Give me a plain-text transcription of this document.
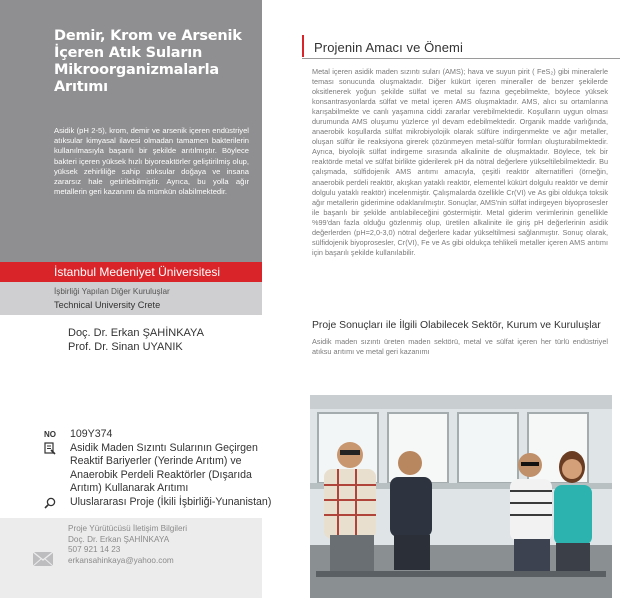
Demir, Krom ve Arsenik
İçeren Atık Suların
Mikroorganizmalarla
Arıtımı
Asidik (pH 2-5), krom, demir ve arsenik içeren endüstriyel atıksular kimyasal ilavesi olmadan tamamen bakterilerin kullanılmasıyla başarılı bir şekilde arıtılmıştır. Böylece bakteri içeren yüksek hızlı biyoreaktörler geliştirilmiş olup, yüksek zehirliliğe sahip atıksular doğaya ve insana zararsız hale getirilebilmiştir. Ayrıca, bu yolla ağır metallerin geri kazanımı da mümkün olabilmektedir.
İstanbul Medeniyet Üniversitesi
İşbirliği Yapılan Diğer Kuruluşlar
Technical University Crete
Doç. Dr. Erkan ŞAHİNKAYA
Prof. Dr. Sinan UYANIK
NO	109Y374
Asidik Maden Sızıntı Sularının Geçirgen Reaktif Bariyerler (Yerinde Arıtım) ve Anaerobik Perdeli Reaktörler (Dışarıda Arıtım) Kullanarak Arıtımı
Uluslararası Proje (İkili İşbirliği-Yunanistan)
Proje Yürütücüsü İletişim Bilgileri
Doç. Dr. Erkan ŞAHİNKAYA
507 921 14 23
erkansahinkaya@yahoo.com
Projenin Amacı ve Önemi
Metal içeren asidik maden sızıntı suları (AMS); hava ve suyun pirit ( FeS₂) gibi mineralerle teması sonucunda oluşmaktadır. Diğer kükürt içeren mineraller de benzer şekilerde oksitlenerek yoğun şekilde sülfat ve metal su fazına geçebilmekte, böylece yüksek konsantrasyonlarda sülfat ve metal içeren AMS oluşmaktadır. AMS, alıcı su ortamlarına karışabilmekte ve canlı yaşamına ciddi zararlar verebilmektedir. Koşulların uygun olması durumunda AMS oluşumu yüzlerce yıl devam edebilmektedir. Organik madde varlığında, anaerobik koşullarda sülfat mikrobiyolojik olarak sülfüre indirgenmekte ve ağır metaller, oluşan sülfür ile reaksiyona girerek çözünmeyen metal-sülfür formları oluşturabilmektedir. Ayrıca, biyolojik sülfat indirgeme sırasında alkalinite de oluşmaktadır. Böylece, tek bir reaktörde metal ve sülfat birlikte giderilerek pH da nötral değerlere yükseltilebilmektedir. Bu çalışmada, sülfidojenik AMS arıtımı amacıyla, çeşitli reaktör alternatifleri (örneğin, anaerobik perdeli reaktör, akışkan yataklı reaktör, elementel kükürt dolgulu reaktör ve demir dolgulu yataklı reaktör) incelenmiştir. Çalışmalarda özellikle Cr(VI) ve As gibi oldukça toksik ağır metallerin giderimine odaklanılmıştır. Sonuçlar, AMS'nin sülfat indirgeyen biyoprosesler ile başarılı bir şekilde arıtılabileceğini göstermiştir. Metal giderim verimlerinin genellikle %99'dan fazla olduğu gözlenmiş olup, üretilen alkalinite ile giriş pH değerlerinin asidik değerlerden (pH=2,0-3,0) nötral değerlere kadar yükseltilmesi sağlanmıştır. Sonuç olarak, sülfidojenik biyoprosesler, Cr(VI), Fe ve As gibi oldukça tehlikeli metaller içeren AMS arıtımı için başarılı şekilde kullanılabilir.
Proje Sonuçları ile İlgili Olabilecek Sektör, Kurum ve Kuruluşlar
Asidik maden sızıntı üreten maden sektörü, metal ve sülfat içeren her türlü endüstriyel atıksu arıtımı ve metal geri kazanımı
